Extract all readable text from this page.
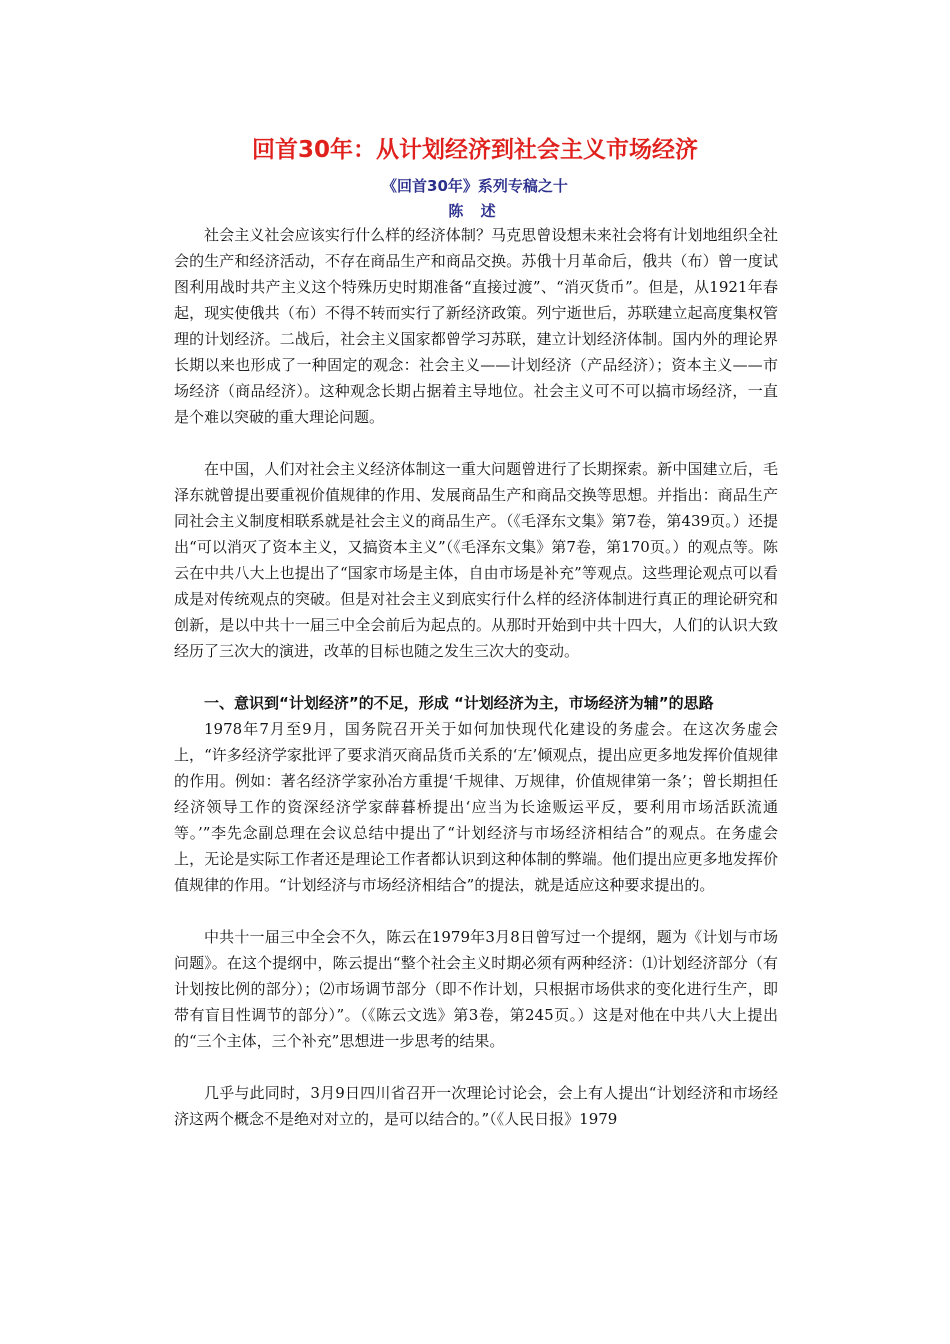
回首30年：从计划经济到社会主义市场经济
《回首30年》系列专稿之十
陈 述

社会主义社会应该实行什么样的经济体制？马克思曾设想未来社会将有计划地组织全社会的生产和经济活动，不存在商品生产和商品交换。苏俄十月革命后，俄共（布）曾一度试图利用战时共产主义这个特殊历史时期准备“直接过渡”、“消灭货币”。但是，从1921年春起，现实使俄共（布）不得不转而实行了新经济政策。列宁逝世后，苏联建立起高度集权管理的计划经济。二战后，社会主义国家都曾学习苏联，建立计划经济体制。国内外的理论界长期以来也形成了一种固定的观念：社会主义——计划经济（产品经济）；资本主义——市场经济（商品经济）。这种观念长期占据着主导地位。社会主义可不可以搞市场经济，一直是个难以突破的重大理论问题。

在中国，人们对社会主义经济体制这一重大问题曾进行了长期探索。新中国建立后，毛泽东就曾提出要重视价值规律的作用、发展商品生产和商品交换等思想。并指出：商品生产同社会主义制度相联系就是社会主义的商品生产。（《毛泽东文集》第7卷，第439页。）还提出“可以消灭了资本主义，又搞资本主义”（《毛泽东文集》第7卷，第170页。）的观点等。陈云在中共八大上也提出了“国家市场是主体，自由市场是补充”等观点。这些理论观点可以看成是对传统观点的突破。但是对社会主义到底实行什么样的经济体制进行真正的理论研究和创新，是以中共十一届三中全会前后为起点的。从那时开始到中共十四大，人们的认识大致经历了三次大的演进，改革的目标也随之发生三次大的变动。

一、意识到“计划经济”的不足，形成 “计划经济为主，市场经济为辅”的思路

1978年7月至9月，国务院召开关于如何加快现代化建设的务虚会。在这次务虚会上，“许多经济学家批评了要求消灭商品货币关系的‘左’倾观点，提出应更多地发挥价值规律的作用。例如：著名经济学家孙冶方重提‘千规律、万规律，价值规律第一条’；曾长期担任经济领导工作的资深经济学家薛暮桥提出‘应当为长途贩运平反，要利用市场活跃流通等。’”李先念副总理在会议总结中提出了“计划经济与市场经济相结合”的观点。在务虚会上，无论是实际工作者还是理论工作者都认识到这种体制的弊端。他们提出应更多地发挥价值规律的作用。“计划经济与市场经济相结合”的提法，就是适应这种要求提出的。

中共十一届三中全会不久，陈云在1979年3月8日曾写过一个提纲，题为《计划与市场问题》。在这个提纲中，陈云提出“整个社会主义时期必须有两种经济：⑴计划经济部分（有计划按比例的部分）；⑵市场调节部分（即不作计划，只根据市场供求的变化进行生产，即带有盲目性调节的部分）”。（《陈云文选》第3卷，第245页。）这是对他在中共八大上提出的“三个主体，三个补充”思想进一步思考的结果。

几乎与此同时，3月9日四川省召开一次理论讨论会，会上有人提出“计划经济和市场经济这两个概念不是绝对对立的，是可以结合的。”（《人民日报》1979
